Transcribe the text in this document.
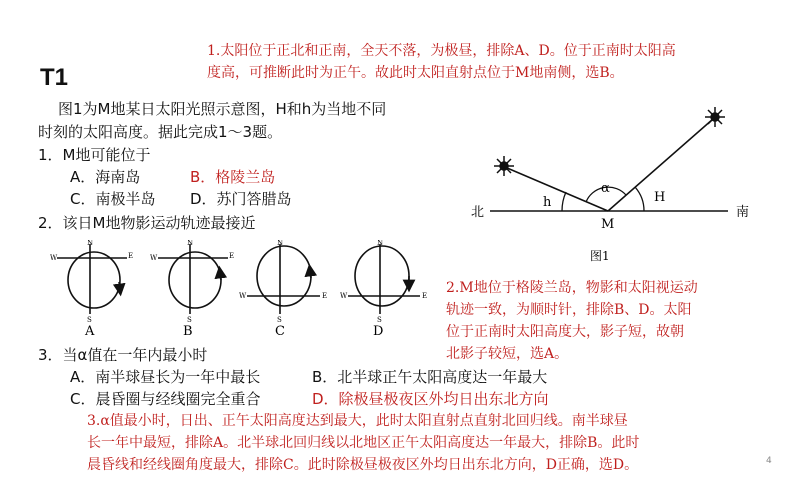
T1
图1为M地某日太阳光照示意图，H和h为当地不同
时刻的太阳高度。据此完成1～3题。
1．M地可能位于
A．海南岛	B．格陵兰岛
C．南极半岛 D．苏门答腊岛
2．该日M地物影运动轨迹最接近
W	E
N
S
A
W	E
N
S
B
W	E
N
S
C
W	E
N
S
D
3．当α值在一年内最小时
A．南半球昼长为一年中最长	B．北半球正午太阳高度达一年最大
C．晨昏圈与经线圈完全重合	D．除极昼极夜区外均日出东北方向
北	南
h
α
H
M
图1
1.太阳位于正北和正南，全天不落，为极昼，排除A、D。位于正南时太阳高
度高，可推断此时为正午。故此时太阳直射点位于M地南侧，选B。
2.M地位于格陵兰岛，物影和太阳视运动
轨迹一致，为顺时针，排除B、D。太阳
位于正南时太阳高度大，影子短，故朝
北影子较短，选A。
3.α值最小时，日出、正午太阳高度达到最大，此时太阳直射点直射北回归线。南半球昼
长一年中最短，排除A。北半球北回归线以北地区正午太阳高度达一年最大，排除B。此时
晨昏线和经线圈角度最大，排除C。此时除极昼极夜区外均日出东北方向，D正确，选D。	4
